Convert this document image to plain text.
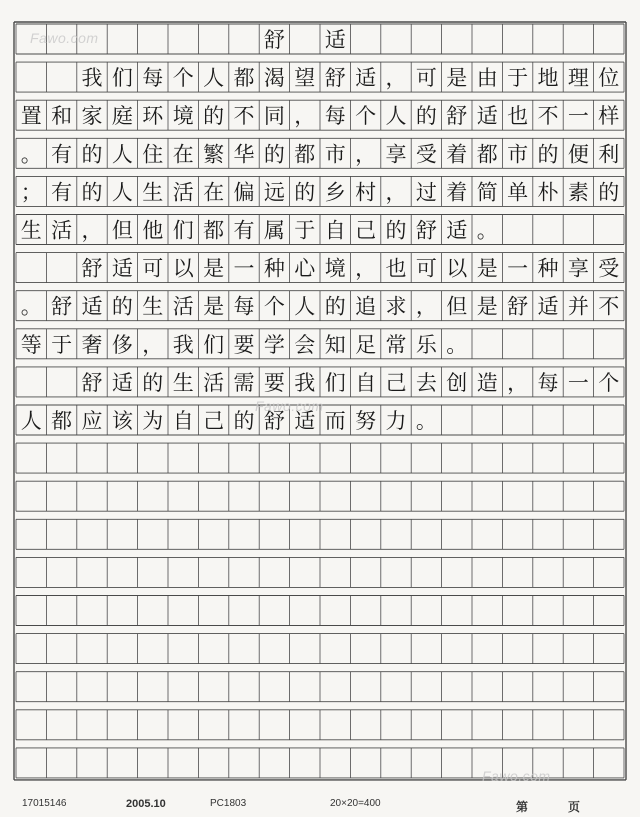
舒 适
我 们 每 个 人 都 渴 望 舒 适 ， 可 是 由 于 地 理 位
置 和 家 庭 环 境 的 不 同 ， 每 个 人 的 舒 适 也 不 一 样
。 有 的 人 住 在 繁 华 的 都 市 ， 享 受 着 都 市 的 便 利
； 有 的 人 生 活 在 偏 远 的 乡 村 ， 过 着 简 单 朴 素 的
生 活 ， 但 他 们 都 有 属 于 自 己 的 舒 适 。
舒 适 可 以 是 一 种 心 境 ， 也 可 以 是 一 种 享 受
。 舒 适 的 生 活 是 每 个 人 的 追 求 ， 但 是 舒 适 并 不
等 于 奢 侈 ， 我 们 要 学 会 知 足 常 乐 。
舒 适 的 生 活 需 要 我 们 自 己 去 创 造 ， 每 一 个
人 都 应 该 为 自 己 的 舒 适 而 努 力 。
Fawo.com
Fawo.com
Fawo.com
17015146	2005.10	PC1803	20×20=400	第	页
